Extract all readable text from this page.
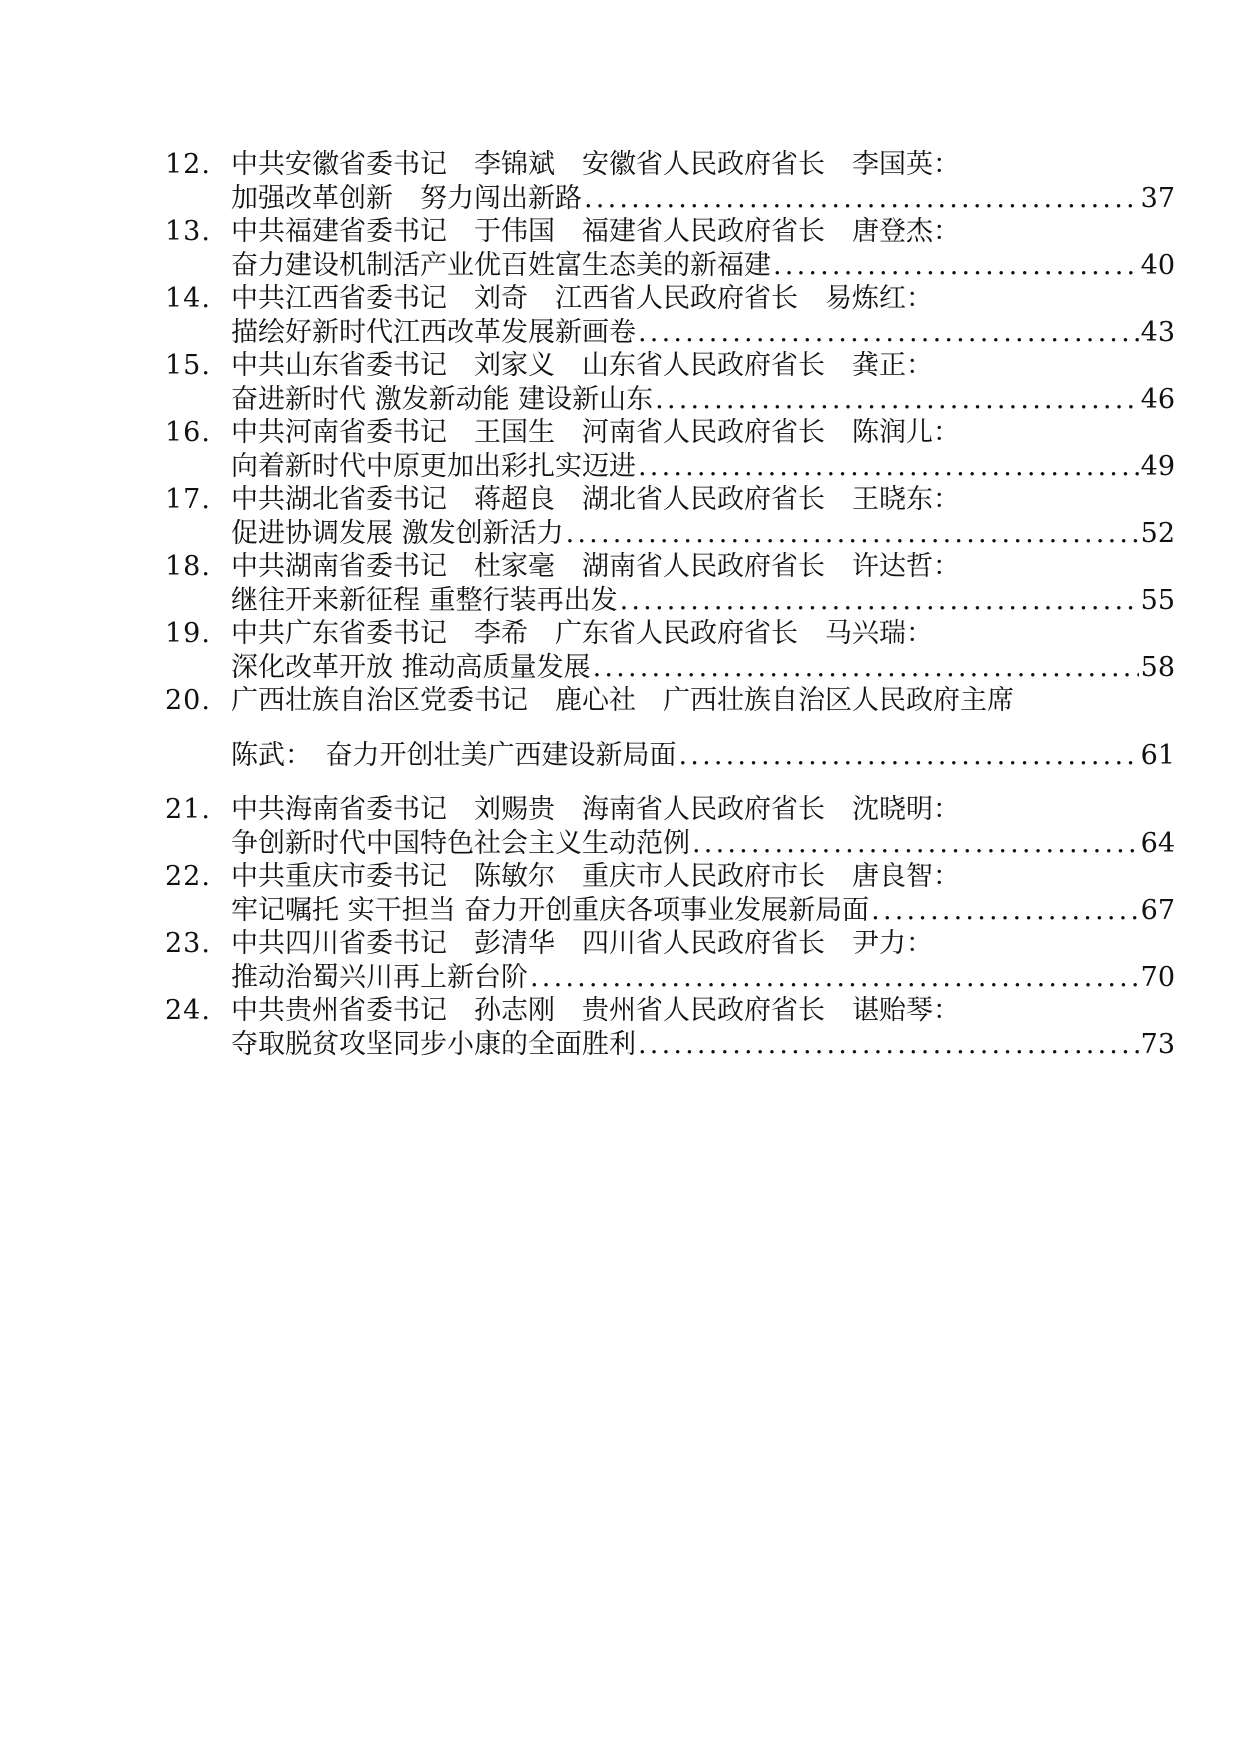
12. 中共安徽省委书记　李锦斌　安徽省人民政府省长　李国英：
加强改革创新　努力闯出新路 .....	37
13. 中共福建省委书记　于伟国　福建省人民政府省长　唐登杰：
奋力建设机制活产业优百姓富生态美的新福建 .....	40
14. 中共江西省委书记　刘奇　江西省人民政府省长　易炼红：
描绘好新时代江西改革发展新画卷 .....	43
15. 中共山东省委书记　刘家义　山东省人民政府省长　龚正：
奋进新时代 激发新动能 建设新山东 .....	46
16. 中共河南省委书记　王国生　河南省人民政府省长　陈润儿：
向着新时代中原更加出彩扎实迈进 .....	49
17. 中共湖北省委书记　蒋超良　湖北省人民政府省长　王晓东：
促进协调发展 激发创新活力 .....	52
18. 中共湖南省委书记　杜家毫　湖南省人民政府省长　许达哲：
继往开来新征程 重整行装再出发 .....	55
19. 中共广东省委书记　李希　广东省人民政府省长　马兴瑞：
深化改革开放 推动高质量发展 .....	58
20. 广西壮族自治区党委书记　鹿心社　广西壮族自治区人民政府主席
陈武：　奋力开创壮美广西建设新局面 .....	61
21. 中共海南省委书记　刘赐贵　海南省人民政府省长　沈晓明：
争创新时代中国特色社会主义生动范例 .....	64
22. 中共重庆市委书记　陈敏尔　重庆市人民政府市长　唐良智：
牢记嘱托 实干担当 奋力开创重庆各项事业发展新局面 .....	67
23. 中共四川省委书记　彭清华　四川省人民政府省长　尹力：
推动治蜀兴川再上新台阶 .....	70
24. 中共贵州省委书记　孙志刚　贵州省人民政府省长　谌贻琴：
夺取脱贫攻坚同步小康的全面胜利 .....	73
